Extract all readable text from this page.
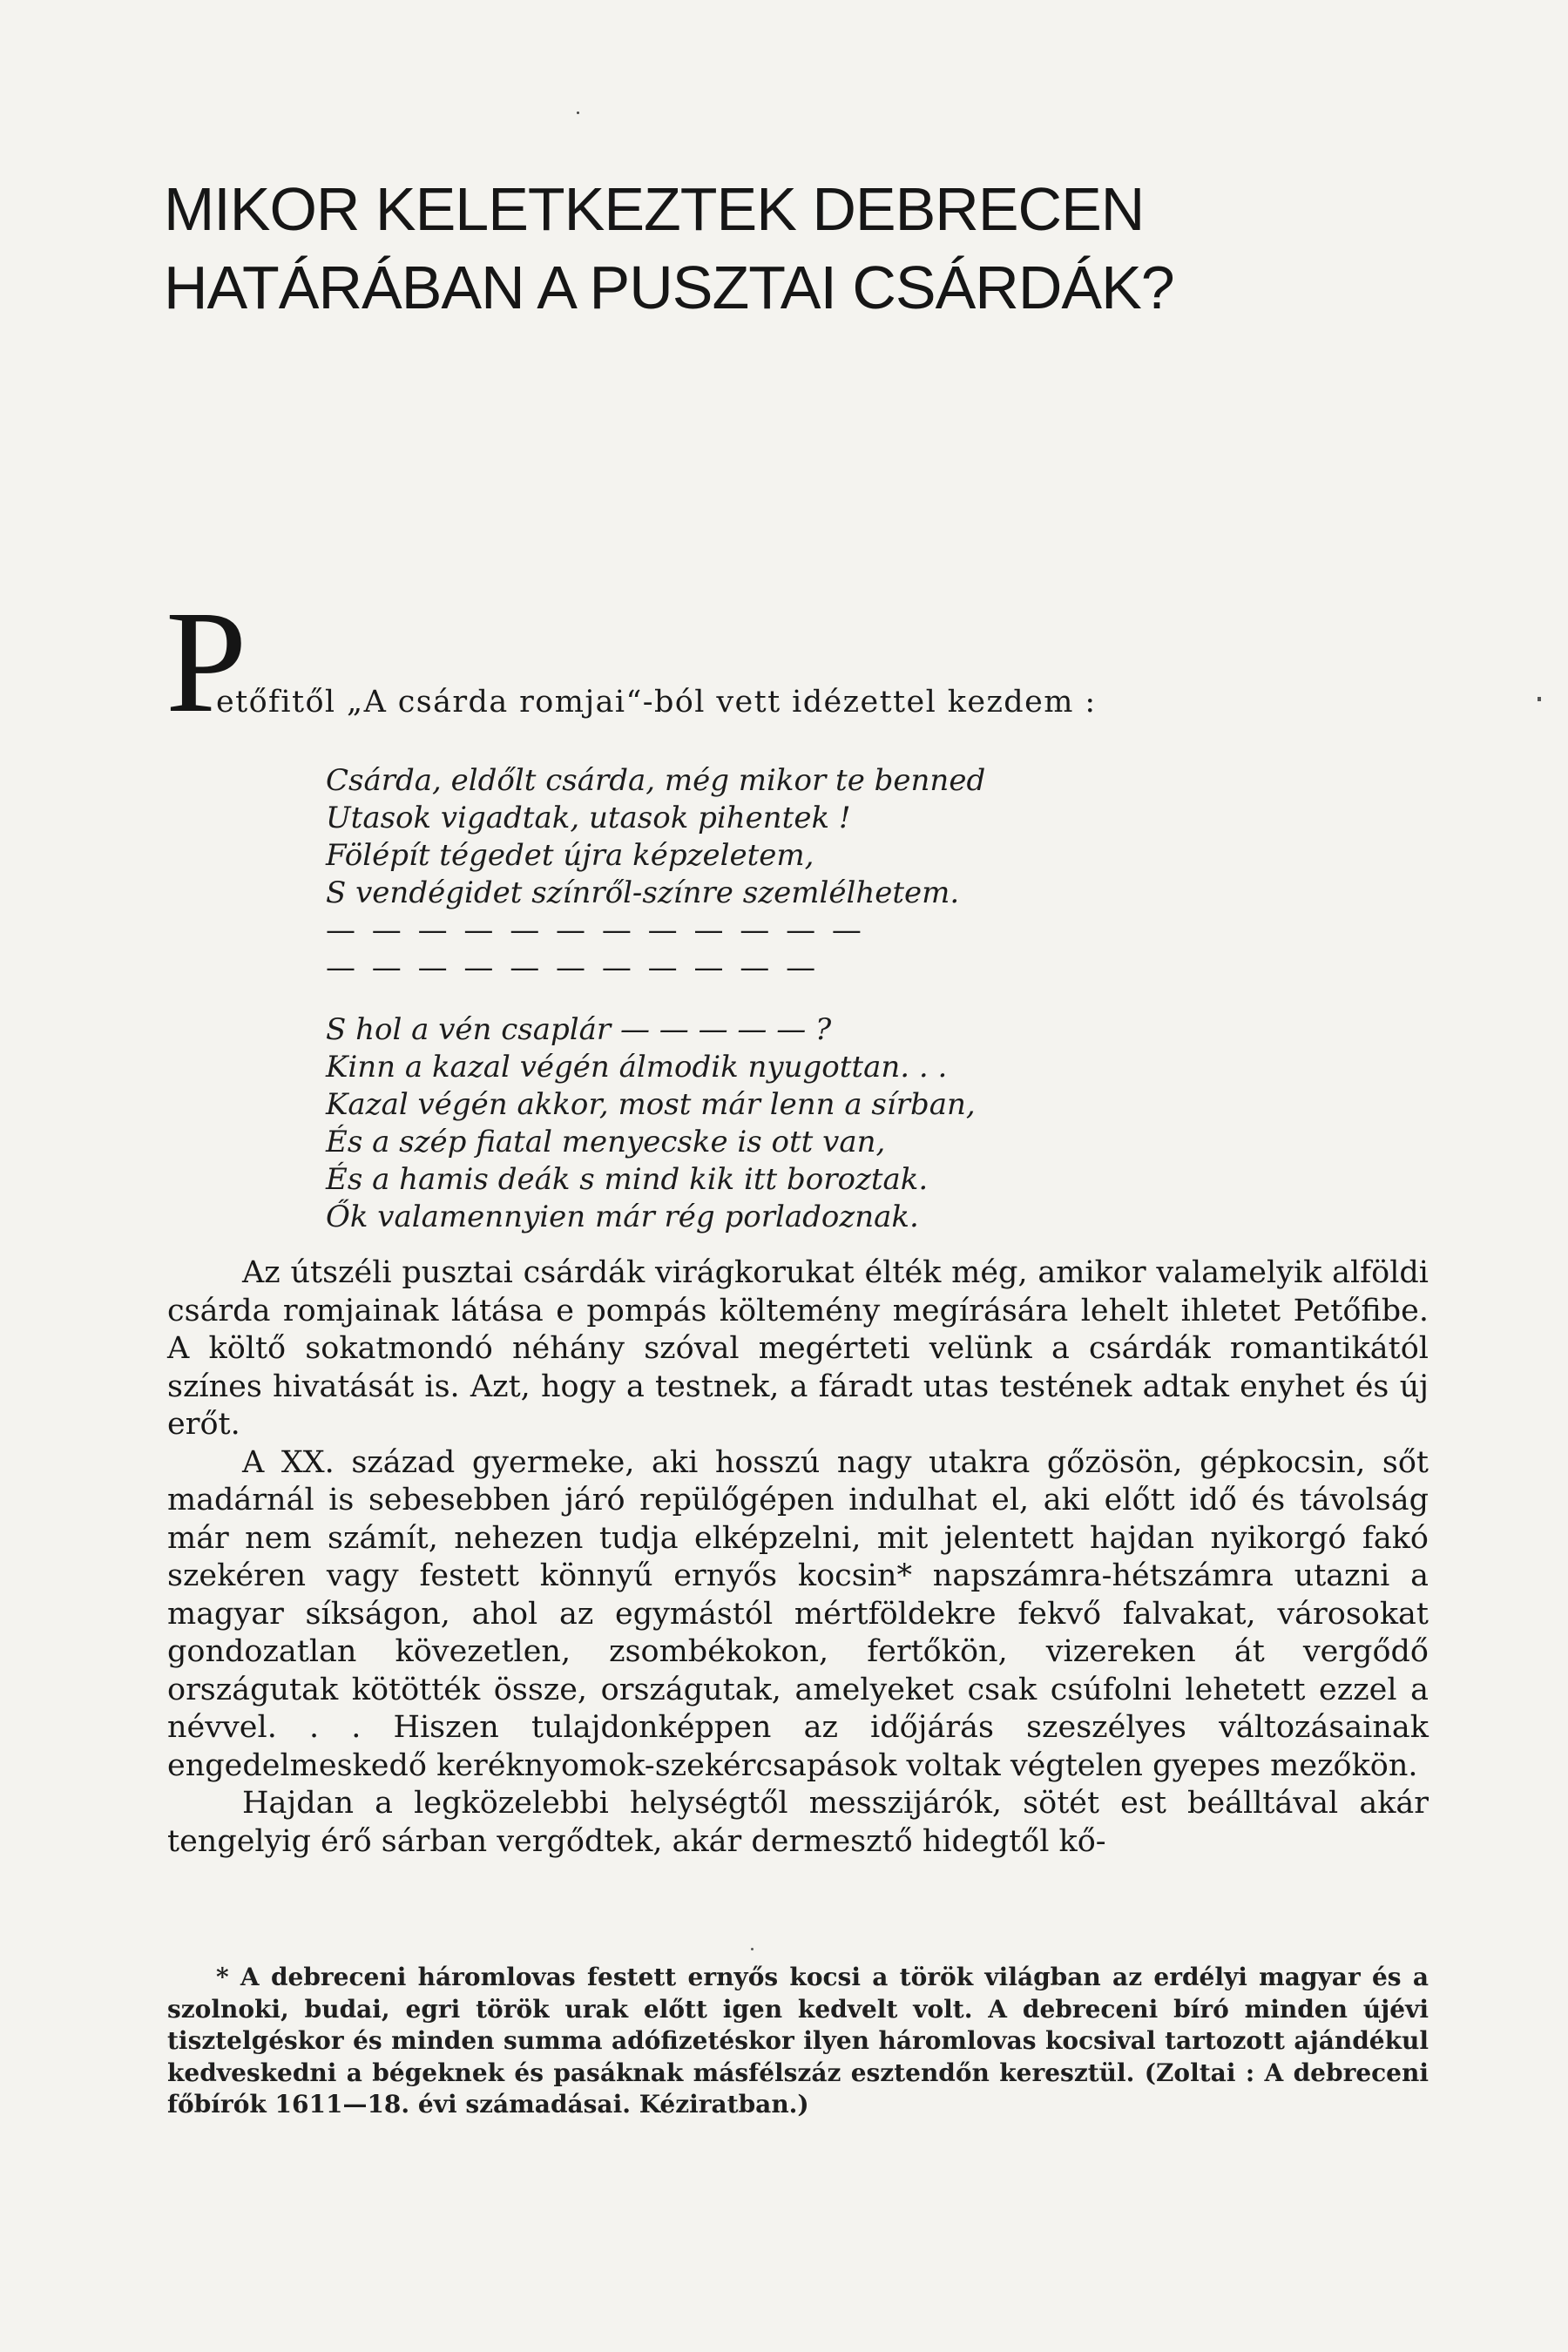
MIKOR KELETKEZTEK DEBRECEN
HATÁRÁBAN A PUSZTAI CSÁRDÁK?
P
etőfitől „A csárda romjai“-ból vett idézettel kezdem :
Csárda, eldőlt csárda, még mikor te benned
Utasok vigadtak, utasok pihentek !
Fölépít tégedet újra képzeletem,
S vendégidet színről-színre szemlélhetem.
— — — — — — — — — — — —
— — — — — — — — — — —
S hol a vén csaplár — — — — — ?
Kinn a kazal végén álmodik nyugottan. . .
Kazal végén akkor, most már lenn a sírban,
És a szép fiatal menyecske is ott van,
És a hamis deák s mind kik itt boroztak.
Ők valamennyien már rég porladoznak.

Az útszéli pusztai csárdák virágkorukat élték még, amikor valamelyik alföldi csárda romjainak látása e pompás költemény megírására lehelt ihletet Petőfibe. A költő sokatmondó néhány szóval megérteti velünk a csárdák romantikától színes hivatását is. Azt, hogy a testnek, a fáradt utas testének adtak enyhet és új erőt.

A XX. század gyermeke, aki hosszú nagy utakra gőzösön, gépkocsin, sőt madárnál is sebesebben járó repülőgépen indulhat el, aki előtt idő és távolság már nem számít, nehezen tudja elképzelni, mit jelentett hajdan nyikorgó fakó szekéren vagy festett könnyű ernyős kocsin* napszámra-hétszámra utazni a magyar síkságon, ahol az egymástól mértföldekre fekvő falvakat, városokat gondozatlan kövezetlen, zsombékokon, fertőkön, vizereken át vergődő országutak kötötték össze, országutak, amelyeket csak csúfolni lehetett ezzel a névvel. . . Hiszen tulajdonképpen az időjárás szeszélyes változásainak engedelmeskedő keréknyomok-szekércsapások voltak végtelen gyepes mezőkön.

Hajdan a legközelebbi helységtől messzijárók, sötét est beálltával akár tengelyig érő sárban vergődtek, akár dermesztő hidegtől kő-

* A debreceni háromlovas festett ernyős kocsi a török világban az erdélyi magyar és a szolnoki, budai, egri török urak előtt igen kedvelt volt. A debreceni bíró minden újévi tisztelgéskor és minden summa adófizetéskor ilyen háromlovas kocsival tartozott ajándékul kedveskedni a bégeknek és pasáknak másfélszáz esztendőn keresztül. (Zoltai : A debreceni főbírók 1611—18. évi számadásai. Kéziratban.)
